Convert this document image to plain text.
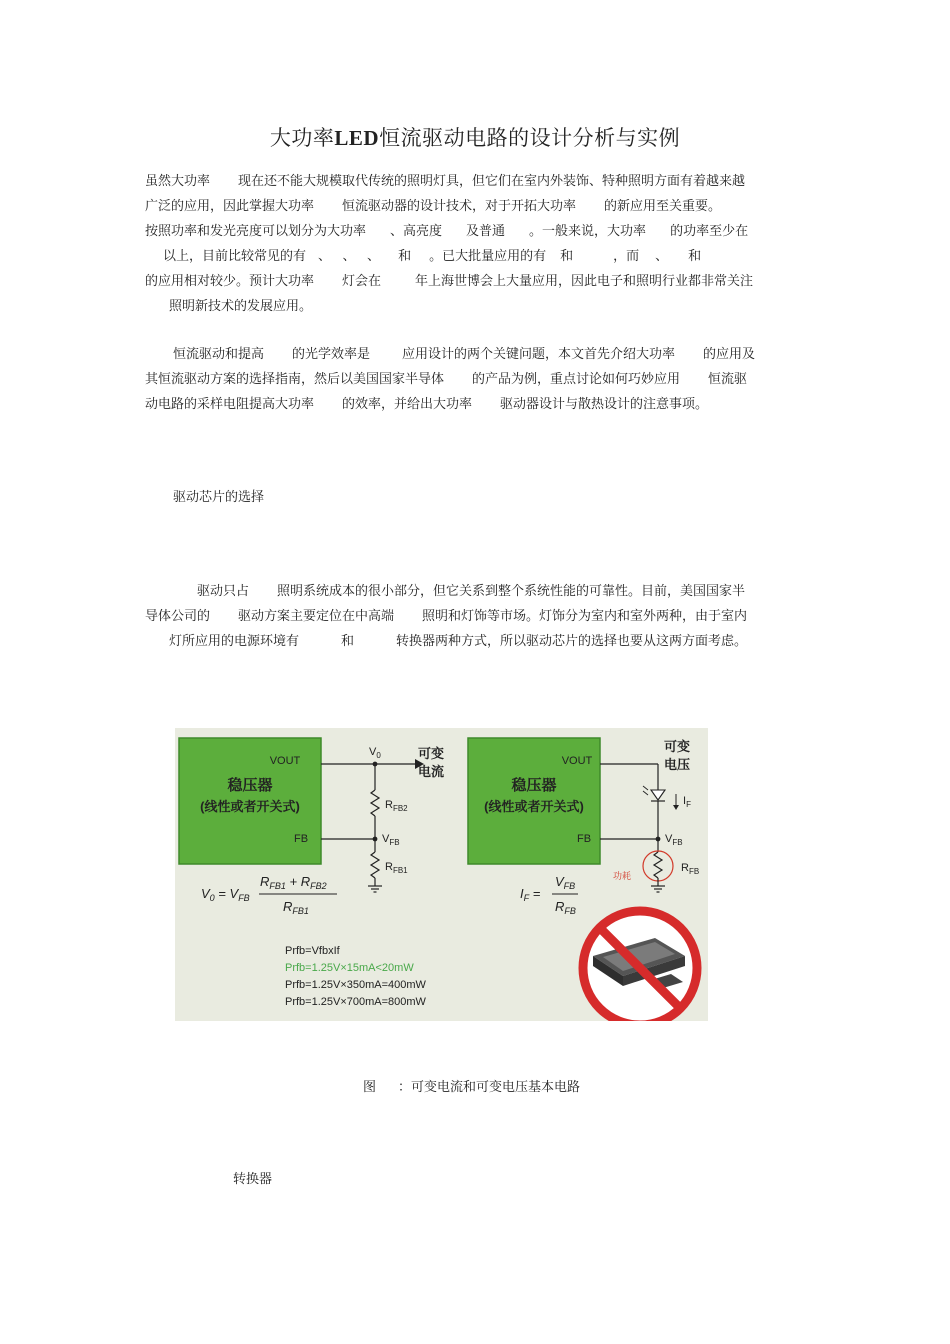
大功率LED恒流驱动电路的设计分析与实例
虽然大功率 现在还不能大规模取代传统的照明灯具，但它们在室内外装饰、特种照明方面有着越来越
广泛的应用，因此掌握大功率 恒流驱动器的设计技术，对于开拓大功率 的新应用至关重要。
按照功率和发光亮度可以划分为大功率 、高亮度 及普通 。一般来说，大功率 的功率至少在
以上，目前比较常见的有 、 、 、 和 。已大批量应用的有 和	，而 、 和
的应用相对较少。预计大功率 灯会在	年上海世博会上大量应用，因此电子和照明行业都非常关注
照明新技术的发展应用。
恒流驱动和提高 的光学效率是 应用设计的两个关键问题，本文首先介绍大功率 的应用及
其恒流驱动方案的选择指南，然后以美国国家半导体 的产品为例，重点讨论如何巧妙应用 恒流驱
动电路的采样电阻提高大功率 的效率，并给出大功率 驱动器设计与散热设计的注意事项。
驱动芯片的选择
驱动只占 照明系统成本的很小部分，但它关系到整个系统性能的可靠性。目前，美国国家半
导体公司的 驱动方案主要定位在中高端 照明和灯饰等市场。灯饰分为室内和室外两种，由于室内
灯所应用的电源环境有	和	转换器两种方式，所以驱动芯片的选择也要从这两方面考虑。
转换器
VOUT
稳压器
(线性或者开关式)
FB
$V_0$	可变
电流
$R_{FB2}$
$V_{FB}$
$R_{FB1}$
$V_0 = V_{FB}$
$R_{FB1} + R_{FB2}$
$R_{FB1}$
VOUT
稳压器
(线性或者开关式)
FB
可变
电压
$I_F$
$V_{FB}$
$R_{FB}$
功耗
$I_F$ =
$V_{FB}$
$R_{FB}$
Prfb=VfbxIf
Prfb=1.25V×15mA<20mW
Prfb=1.25V×350mA=400mW
Prfb=1.25V×700mA=800mW
图 ：可变电流和可变电压基本电路
